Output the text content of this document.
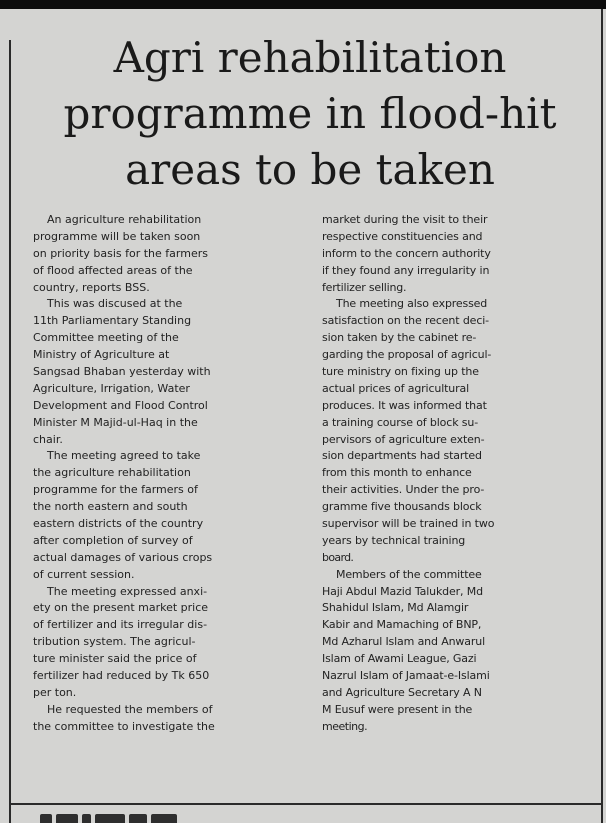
Agri rehabilitation
programme in flood-hit
areas to be taken
An agriculture rehabilitation
programme will be taken soon
on priority basis for the farmers
of flood affected areas of the
country, reports BSS.
This was discused at the
11th Parliamentary Standing
Committee meeting of the
Ministry of Agriculture at
Sangsad Bhaban yesterday with
Agriculture, Irrigation, Water
Development and Flood Control
Minister M Majid-ul-Haq in the
chair.
The meeting agreed to take
the agriculture rehabilitation
programme for the farmers of
the north eastern and south
eastern districts of the country
after completion of survey of
actual damages of various crops
of current session.
The meeting expressed anxi-
ety on the present market price
of fertilizer and its irregular dis-
tribution system. The agricul-
ture minister said the price of
fertilizer had reduced by Tk 650
per ton.
He requested the members of
the committee to investigate the
market during the visit to their
respective constituencies and
inform to the concern authority
if they found any irregularity in
fertilizer selling.
The meeting also expressed
satisfaction on the recent deci-
sion taken by the cabinet re-
garding the proposal of agricul-
ture ministry on fixing up the
actual prices of agricultural
produces. It was informed that
a training course of block su-
pervisors of agriculture exten-
sion departments had started
from this month to enhance
their activities. Under the pro-
gramme five thousands block
supervisor will be trained in two
years by technical training
board.
Members of the committee
Haji Abdul Mazid Talukder, Md
Shahidul Islam, Md Alamgir
Kabir and Mamaching of BNP,
Md Azharul Islam and Anwarul
Islam of Awami League, Gazi
Nazrul Islam of Jamaat-e-Islami
and Agriculture Secretary A N
M Eusuf were present in the
meeting.
